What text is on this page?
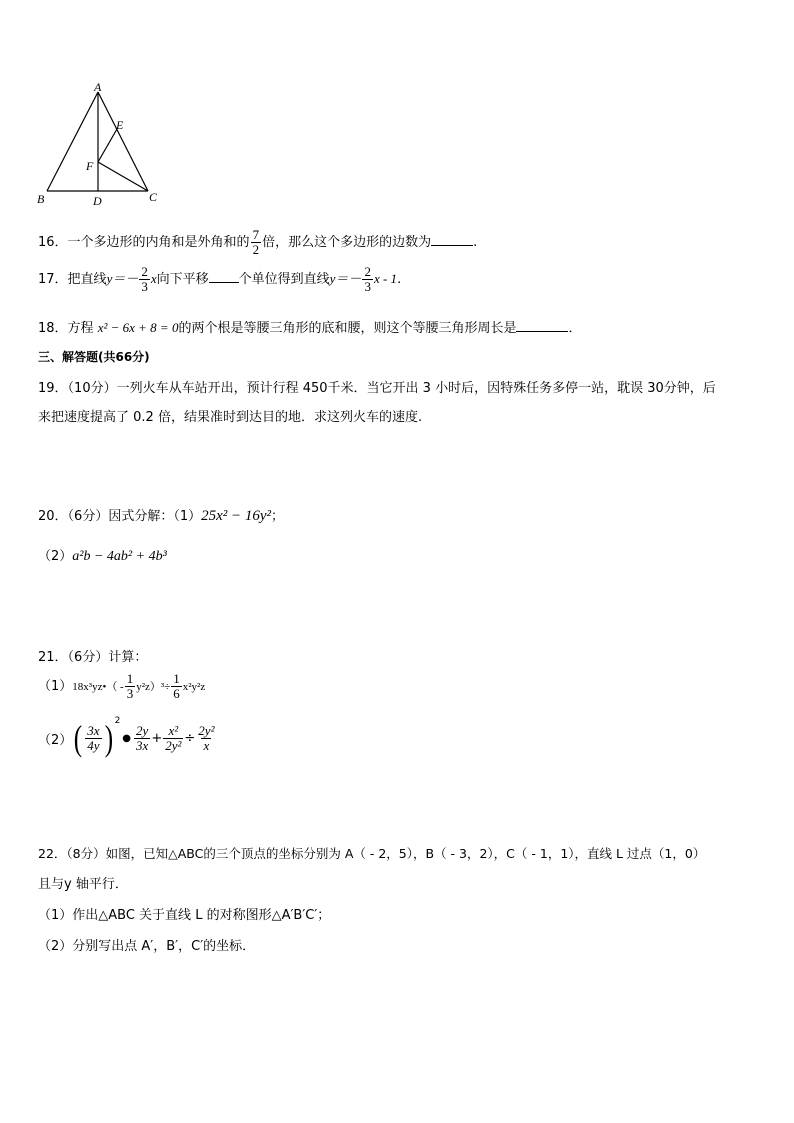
A
E
F
B	D	C
16．一个多边形的内角和是外角和的 $\frac{7}{2}$ 倍，那么这个多边形的边数为	.
17．把直线$y=- \frac{2}{3}$ x向下平移 个单位得到直线$y=- \frac{2}{3}$ x - 1．
18．方程 x² − 6x + 8 = 0的两个根是等腰三角形的底和腰，则这个等腰三角形周长是	．
三、解答题(共66分)
19．（10分）一列火车从车站开出，预计行程 450千米．当它开出 3 小时后，因特殊任务多停一站，耽误 30分钟，后
来把速度提高了 0.2 倍，结果准时到达目的地．求这列火车的速度.
20．（6分）因式分解：（1）25x² − 16y²；
（2）a²b − 4ab² + 4b³
21．（6分）计算：
（1）18x³yz•（ - $\frac{1}{3} y^2z)^3\div \frac{1}{6} x^2y^2z$
（2） ( $\frac{3x}{4y} )^2$
● $\frac{2y}{3x} + \frac{\text{x²}}{\text{2y²}} \div \frac{\text{2y²}}{x}$
22．（8分）如图，已知△ABC的三个顶点的坐标分别为 A（ - 2，5），B（ - 3，2），C（ - 1，1），直线 L 过点（1，0）
且与y 轴平行．
（1）作出△ABC 关于直线 L 的对称图形△A′B′C′；
（2）分别写出点 A′，B′，C′的坐标．
